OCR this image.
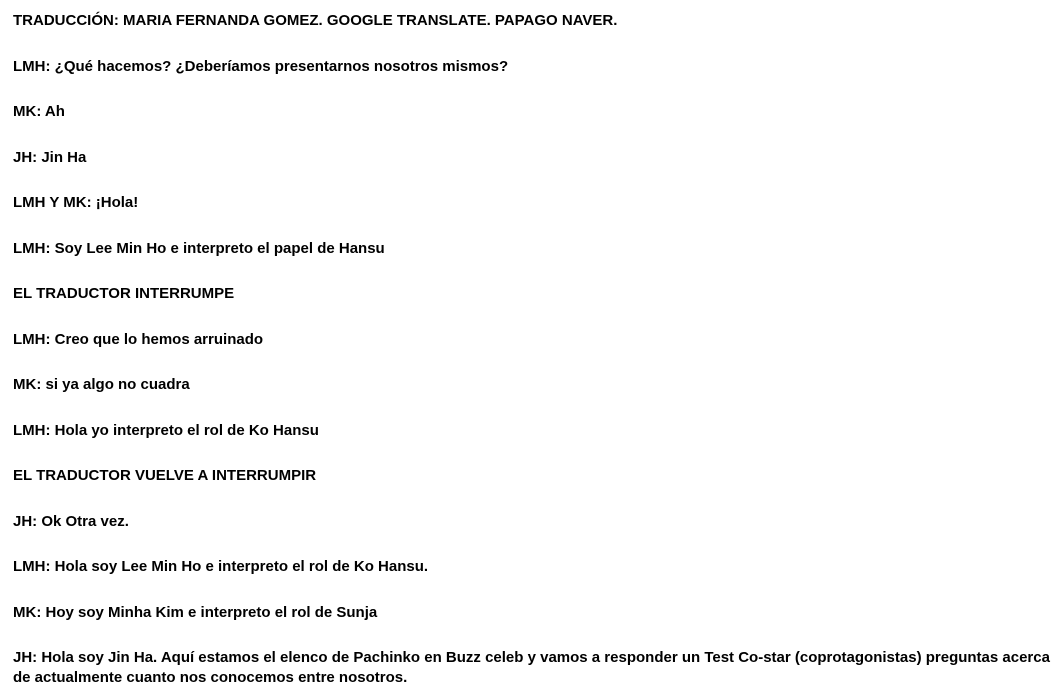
TRADUCCIÓN: MARIA FERNANDA GOMEZ. GOOGLE TRANSLATE. PAPAGO NAVER.

LMH: ¿Qué hacemos? ¿Deberíamos presentarnos nosotros mismos?

MK: Ah

JH: Jin Ha

LMH Y MK: ¡Hola!

LMH: Soy Lee Min Ho e interpreto el papel de Hansu

EL TRADUCTOR INTERRUMPE

LMH: Creo que lo hemos arruinado

MK: si ya algo no cuadra

LMH: Hola yo interpreto el rol de Ko Hansu

EL TRADUCTOR VUELVE A INTERRUMPIR

JH: Ok Otra vez.

LMH: Hola soy Lee Min Ho e interpreto el rol de Ko Hansu.

MK: Hoy soy Minha Kim e interpreto el rol de Sunja

JH: Hola soy Jin Ha. Aquí estamos el elenco de Pachinko en Buzz celeb y vamos a responder un Test Co-star (coprotagonistas) preguntas acerca de actualmente cuanto nos conocemos entre nosotros.
